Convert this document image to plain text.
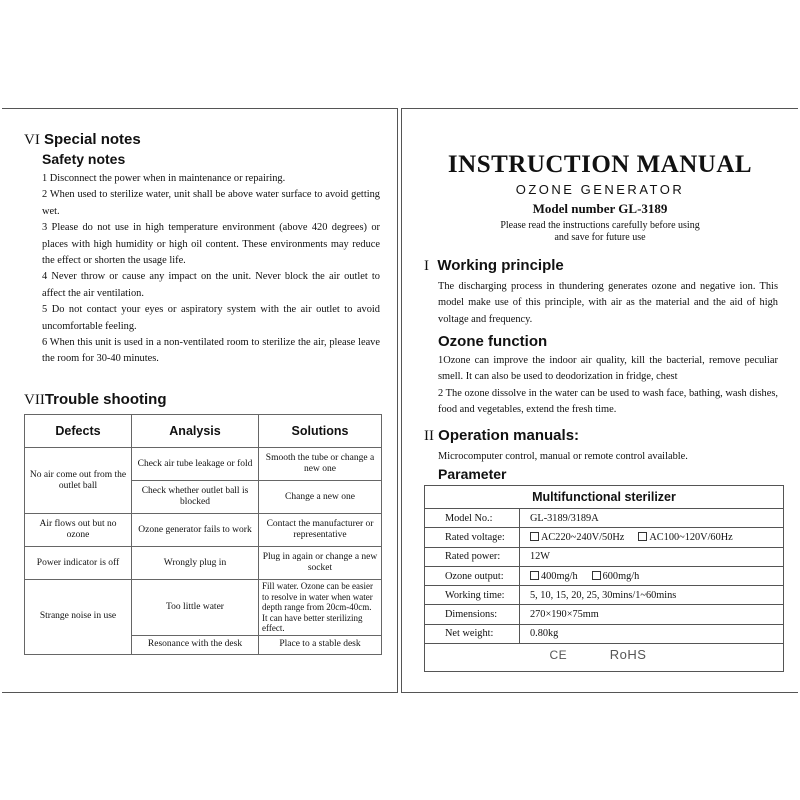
VI Special notes
Safety notes

1 Disconnect the power when in maintenance or repairing.

2 When used to sterilize water, unit shall be above water surface to avoid getting wet.

3 Please do not use in high temperature environment (above 420 degrees) or places with high humidity or high oil content. These environments may reduce the effect or shorten the usage life.

4 Never throw or cause any impact on the unit. Never block the air outlet to affect the air ventilation.

5 Do not contact your eyes or aspiratory system with the air outlet to avoid uncomfortable feeling.

6 When this unit is used in a non-ventilated room to sterilize the air, please leave the room for 30-40 minutes.

VIITrouble shooting
Defects	Analysis	Solutions
No air come out from the outlet ball	Check air tube leakage or fold	Smooth the tube or change a new one
	Check whether outlet ball is blocked	Change a new one
Air flows out but no ozone	Ozone generator fails to work	Contact the manufacturer or representative
Power indicator is off	Wrongly plug in	Plug in again or change a new socket
Strange noise in use	Too little water	Fill water. Ozone can be easier to resolve in water when water depth range from 20cm-40cm. It can have better sterilizing effect.
	Resonance with the desk	Place to a stable desk
INSTRUCTION MANUAL
OZONE GENERATOR
Model number GL-3189
Please read the instructions carefully before using
and save for future use
I Working principle
The discharging process in thundering generates ozone and negative ion. This model make use of this principle, with air as the material and the aid of high voltage and frequency.
Ozone function

1Ozone can improve the indoor air quality, kill the bacterial, remove peculiar smell. It can also be used to deodorization in fridge, chest

2 The ozone dissolve in the water can be used to wash face, bathing, wash dishes, food and vegetables, extend the fresh time.

II Operation manuals:
Microcomputer control, manual or remote control available.
Parameter
Multifunctional sterilizer
Model No.:	GL-3189/3189A
Rated voltage:	AC220~240V/50Hz AC100~120V/60Hz
Rated power:	12W
Ozone output:	400mg/h 600mg/h
Working time:	5, 10, 15, 20, 25, 30mins/1~60mins
Dimensions:	270×190×75mm
Net weight:	0.80kg
	CE RoHS
